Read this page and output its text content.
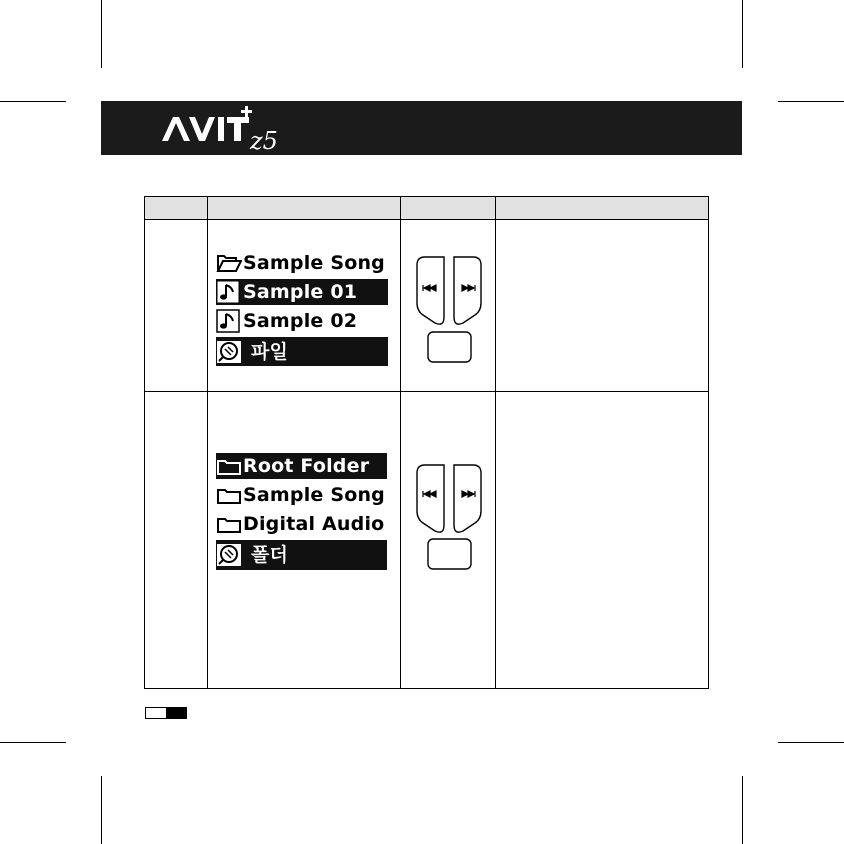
z5
Sample Song
Sample 01
Sample 02
파일
Root Folder
Sample Song
Digital Audio
폴더
